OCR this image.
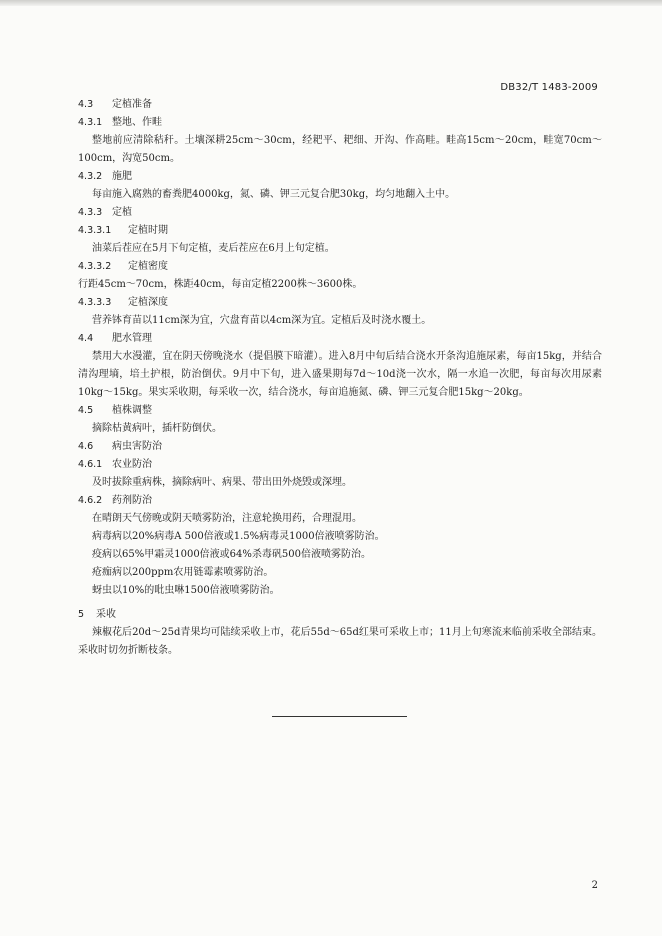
DB32/T 1483-2009
4.3 定植准备
4.3.1 整地、作畦
整地前应清除秸秆。土壤深耕25cm～30cm，经耙平、耙细、开沟、作高畦。畦高15cm～20cm，畦宽70cm～100cm，沟宽50cm。
4.3.2 施肥
每亩施入腐熟的畜粪肥4000kg，氮、磷、钾三元复合肥30kg，均匀地翻入土中。
4.3.3 定植
4.3.3.1 定植时期
油菜后茬应在5月下旬定植，麦后茬应在6月上旬定植。
4.3.3.2 定植密度
行距45cm～70cm，株距40cm，每亩定植2200株～3600株。
4.3.3.3 定植深度
营养钵育苗以11cm深为宜，穴盘育苗以4cm深为宜。定植后及时浇水覆土。
4.4 肥水管理
禁用大水漫灌，宜在阴天傍晚浇水（提倡膜下暗灌）。进入8月中旬后结合浇水开条沟追施尿素，每亩15kg，并结合清沟理墒，培土护根，防治倒伏。9月中下旬，进入盛果期每7d～10d浇一次水，隔一水追一次肥，每亩每次用尿素10kg～15kg。果实采收期，每采收一次，结合浇水，每亩追施氮、磷、钾三元复合肥15kg～20kg。
4.5 植株调整
摘除枯黄病叶，插杆防倒伏。
4.6 病虫害防治
4.6.1 农业防治
及时拔除重病株，摘除病叶、病果、带出田外烧毁或深埋。
4.6.2 药剂防治
在晴朗天气傍晚或阴天喷雾防治，注意轮换用药，合理混用。
病毒病以20%病毒A 500倍液或1.5%病毒灵1000倍液喷雾防治。
疫病以65%甲霜灵1000倍液或64%杀毒矾500倍液喷雾防治。
疮痂病以200ppm农用链霉素喷雾防治。
蚜虫以10%的吡虫啉1500倍液喷雾防治。
5 采收
辣椒花后20d～25d青果均可陆续采收上市，花后55d～65d红果可采收上市；11月上旬寒流来临前采收全部结束。采收时切勿折断枝条。
2
